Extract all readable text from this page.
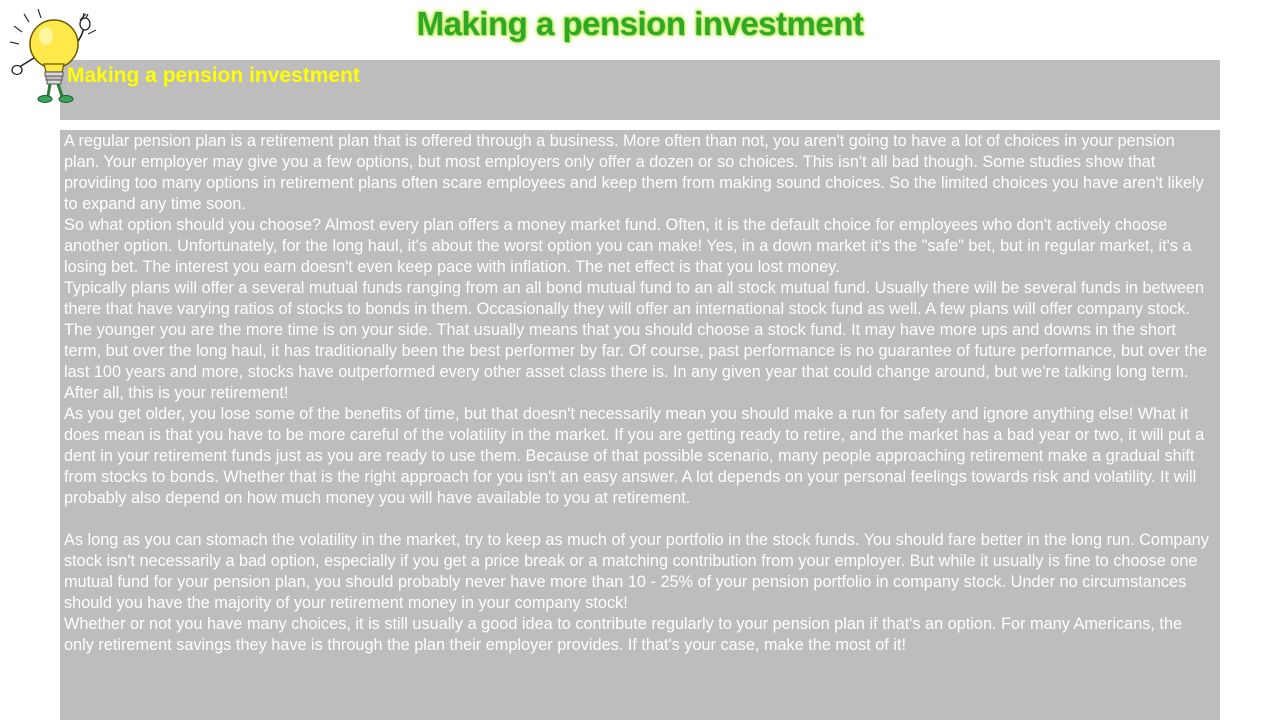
Making a pension investment
Making a pension investment

A regular pension plan is a retirement plan that is offered through a business. More often than not, you aren't going to have a lot of choices in your pension plan. Your employer may give you a few options, but most employers only offer a dozen or so choices. This isn't all bad though. Some studies show that providing too many options in retirement plans often scare employees and keep them from making sound choices. So the limited choices you have aren't likely to expand any time soon.

So what option should you choose? Almost every plan offers a money market fund. Often, it is the default choice for employees who don't actively choose another option. Unfortunately, for the long haul, it's about the worst option you can make! Yes, in a down market it's the "safe" bet, but in regular market, it's a losing bet. The interest you earn doesn't even keep pace with inflation. The net effect is that you lost money.

Typically plans will offer a several mutual funds ranging from an all bond mutual fund to an all stock mutual fund. Usually there will be several funds in between there that have varying ratios of stocks to bonds in them. Occasionally they will offer an international stock fund as well. A few plans will offer company stock.

The younger you are the more time is on your side. That usually means that you should choose a stock fund. It may have more ups and downs in the short term, but over the long haul, it has traditionally been the best performer by far. Of course, past performance is no guarantee of future performance, but over the last 100 years and more, stocks have outperformed every other asset class there is. In any given year that could change around, but we're talking long term. After all, this is your retirement!

As you get older, you lose some of the benefits of time, but that doesn't necessarily mean you should make a run for safety and ignore anything else! What it does mean is that you have to be more careful of the volatility in the market. If you are getting ready to retire, and the market has a bad year or two, it will put a dent in your retirement funds just as you are ready to use them. Because of that possible scenario, many people approaching retirement make a gradual shift from stocks to bonds. Whether that is the right approach for you isn't an easy answer. A lot depends on your personal feelings towards risk and volatility. It will probably also depend on how much money you will have available to you at retirement.

As long as you can stomach the volatility in the market, try to keep as much of your portfolio in the stock funds. You should fare better in the long run. Company stock isn't necessarily a bad option, especially if you get a price break or a matching contribution from your employer. But while it usually is fine to choose one mutual fund for your pension plan, you should probably never have more than 10 - 25% of your pension portfolio in company stock. Under no circumstances should you have the majority of your retirement money in your company stock!

Whether or not you have many choices, it is still usually a good idea to contribute regularly to your pension plan if that's an option. For many Americans, the only retirement savings they have is through the plan their employer provides. If that's your case, make the most of it!
